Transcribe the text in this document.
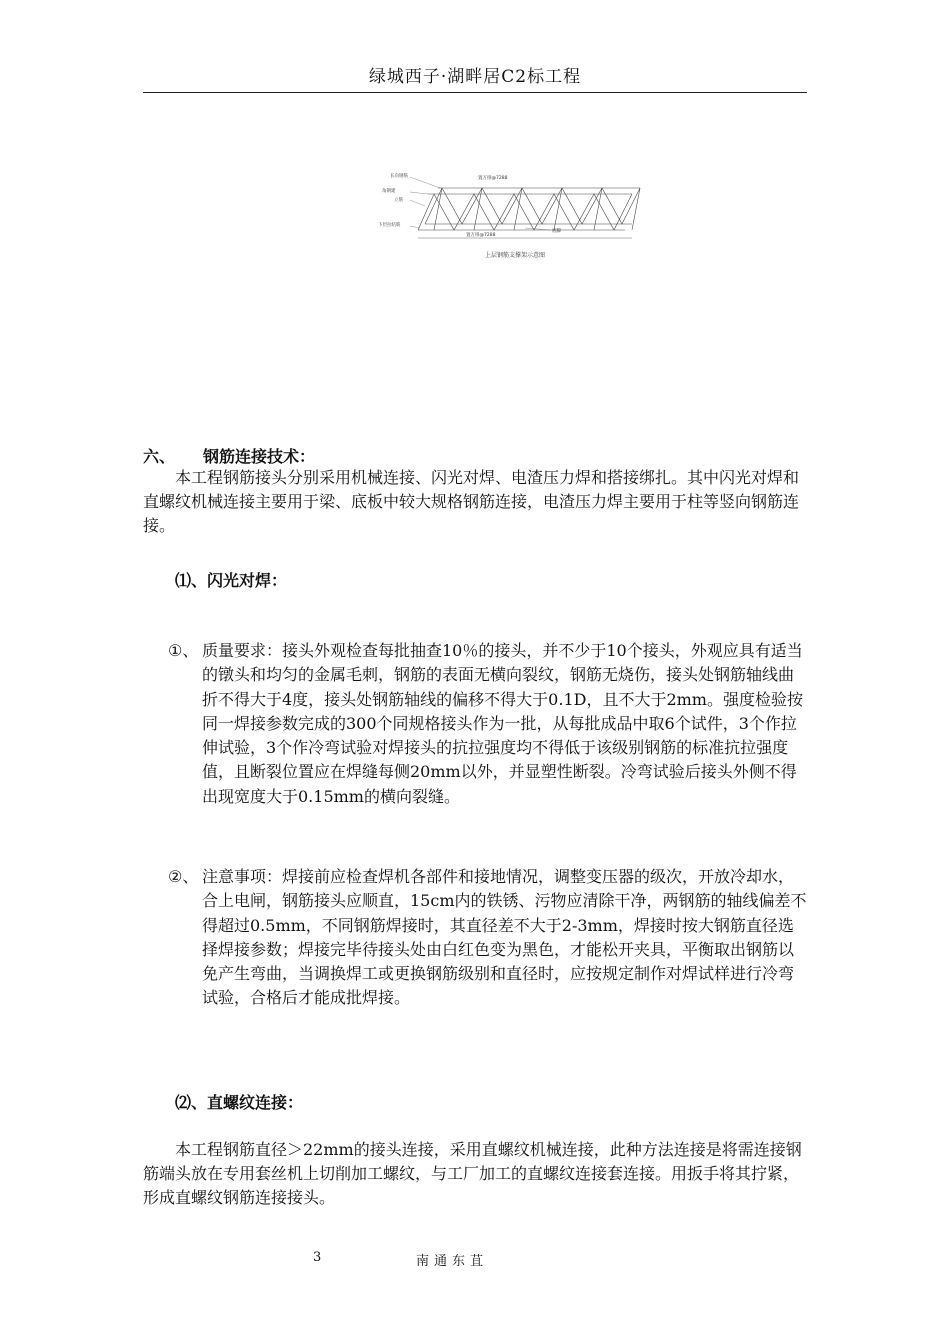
绿城西子·湖畔居C2标工程
长向钢筋
角钢建
立筋
下层拉结筋
置万排@7288
置万排@7288
底脚
上层钢筋支撑架示意图
六、 钢筋连接技术：
本工程钢筋接头分别采用机械连接、闪光对焊、电渣压力焊和搭接绑扎。其中闪光对焊和直螺纹机械连接主要用于梁、底板中较大规格钢筋连接，电渣压力焊主要用于柱等竖向钢筋连接。
⑴、闪光对焊：
①、 质量要求：接头外观检查每批抽查10％的接头，并不少于10个接头，外观应具有适当的镦头和均匀的金属毛刺，钢筋的表面无横向裂纹，钢筋无烧伤，接头处钢筋轴线曲折不得大于4度，接头处钢筋轴线的偏移不得大于0.1D，且不大于2mm。强度检验按同一焊接参数完成的300个同规格接头作为一批，从每批成品中取6个试件，3个作拉伸试验，3个作冷弯试验对焊接头的抗拉强度均不得低于该级别钢筋的标准抗拉强度值，且断裂位置应在焊缝每侧20mm以外，并显塑性断裂。冷弯试验后接头外侧不得出现宽度大于0.15mm的横向裂缝。
②、 注意事项：焊接前应检查焊机各部件和接地情况，调整变压器的级次，开放冷却水，合上电闸，钢筋接头应顺直，15cm内的铁锈、污物应清除干净，两钢筋的轴线偏差不得超过0.5mm，不同钢筋焊接时，其直径差不大于2-3mm，焊接时按大钢筋直径选择焊接参数；焊接完毕待接头处由白红色变为黑色，才能松开夹具，平衡取出钢筋以免产生弯曲，当调换焊工或更换钢筋级别和直径时，应按规定制作对焊试样进行冷弯试验，合格后才能成批焊接。
⑵、直螺纹连接：
本工程钢筋直径＞22mm的接头连接，采用直螺纹机械连接，此种方法连接是将需连接钢筋端头放在专用套丝机上切削加工螺纹，与工厂加工的直螺纹连接套连接。用扳手将其拧紧，形成直螺纹钢筋连接接头。
3	南通东苴
